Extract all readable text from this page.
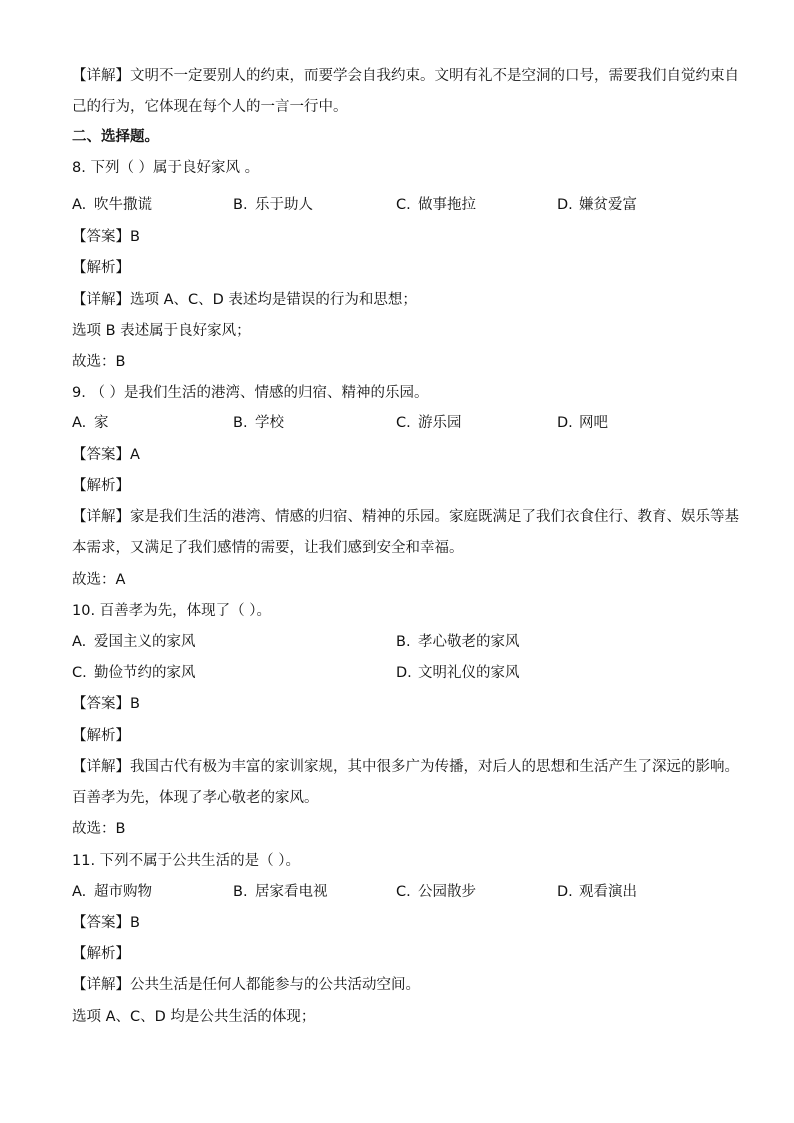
【详解】文明不一定要别人的约束，而要学会自我约束。文明有礼不是空洞的口号，需要我们自觉约束自
己的行为，它体现在每个人的一言一行中。
二、选择题。
8. 下列（ ）属于良好家风 。
A. 吹牛撒谎	B. 乐于助人	C. 做事拖拉	D. 嫌贫爱富
【答案】B
【解析】
【详解】选项 A、C、D 表述均是错误的行为和思想；
选项 B 表述属于良好家风；
故选：B
9. （ ）是我们生活的港湾、情感的归宿、精神的乐园。
A. 家	B. 学校	C. 游乐园	D. 网吧
【答案】A
【解析】
【详解】家是我们生活的港湾、情感的归宿、精神的乐园。家庭既满足了我们衣食住行、教育、娱乐等基
本需求，又满足了我们感情的需要，让我们感到安全和幸福。
故选：A
10. 百善孝为先，体现了（ ）。
A. 爱国主义的家风	B. 孝心敬老的家风
C. 勤俭节约的家风	D. 文明礼仪的家风
【答案】B
【解析】
【详解】我国古代有极为丰富的家训家规，其中很多广为传播，对后人的思想和生活产生了深远的影响。
百善孝为先，体现了孝心敬老的家风。
故选：B
11. 下列不属于公共生活的是（ ）。
A. 超市购物	B. 居家看电视	C. 公园散步	D. 观看演出
【答案】B
【解析】
【详解】公共生活是任何人都能参与的公共活动空间。
选项 A、C、D 均是公共生活的体现；
